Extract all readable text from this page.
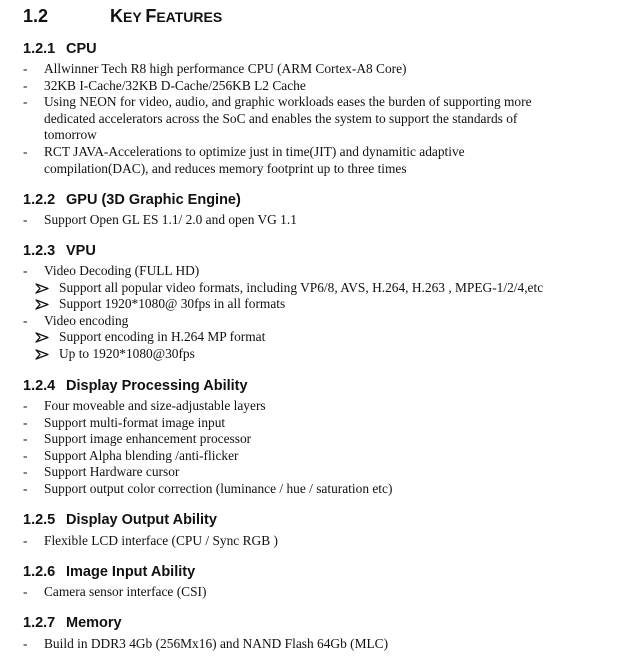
1.2	KEY FEATURES
1.2.1 CPU
- Allwinner Tech R8 high performance CPU (ARM Cortex-A8 Core)
- 32KB I-Cache/32KB D-Cache/256KB L2 Cache
- Using NEON for video, audio, and graphic workloads eases the burden of supporting more dedicated accelerators across the SoC and enables the system to support the standards of tomorrow
- RCT JAVA-Accelerations to optimize just in time(JIT) and dynamitic adaptive compilation(DAC), and reduces memory footprint up to three times
1.2.2 GPU (3D Graphic Engine)
- Support Open GL ES 1.1/ 2.0 and open VG 1.1
1.2.3 VPU
- Video Decoding (FULL HD)
Support all popular video formats, including VP6/8, AVS, H.264, H.263 , MPEG-1/2/4,etc
Support 1920*1080@ 30fps in all formats
- Video encoding
Support encoding in H.264 MP format
Up to 1920*1080@30fps
1.2.4 Display Processing Ability
- Four moveable and size-adjustable layers
- Support multi-format image input
- Support image enhancement processor
- Support Alpha blending /anti-flicker
- Support Hardware cursor
- Support output color correction (luminance / hue / saturation etc)
1.2.5 Display Output Ability
- Flexible LCD interface (CPU / Sync RGB )
1.2.6 Image Input Ability
- Camera sensor interface (CSI)
1.2.7 Memory
- Build in DDR3 4Gb (256Mx16) and NAND Flash 64Gb (MLC)
